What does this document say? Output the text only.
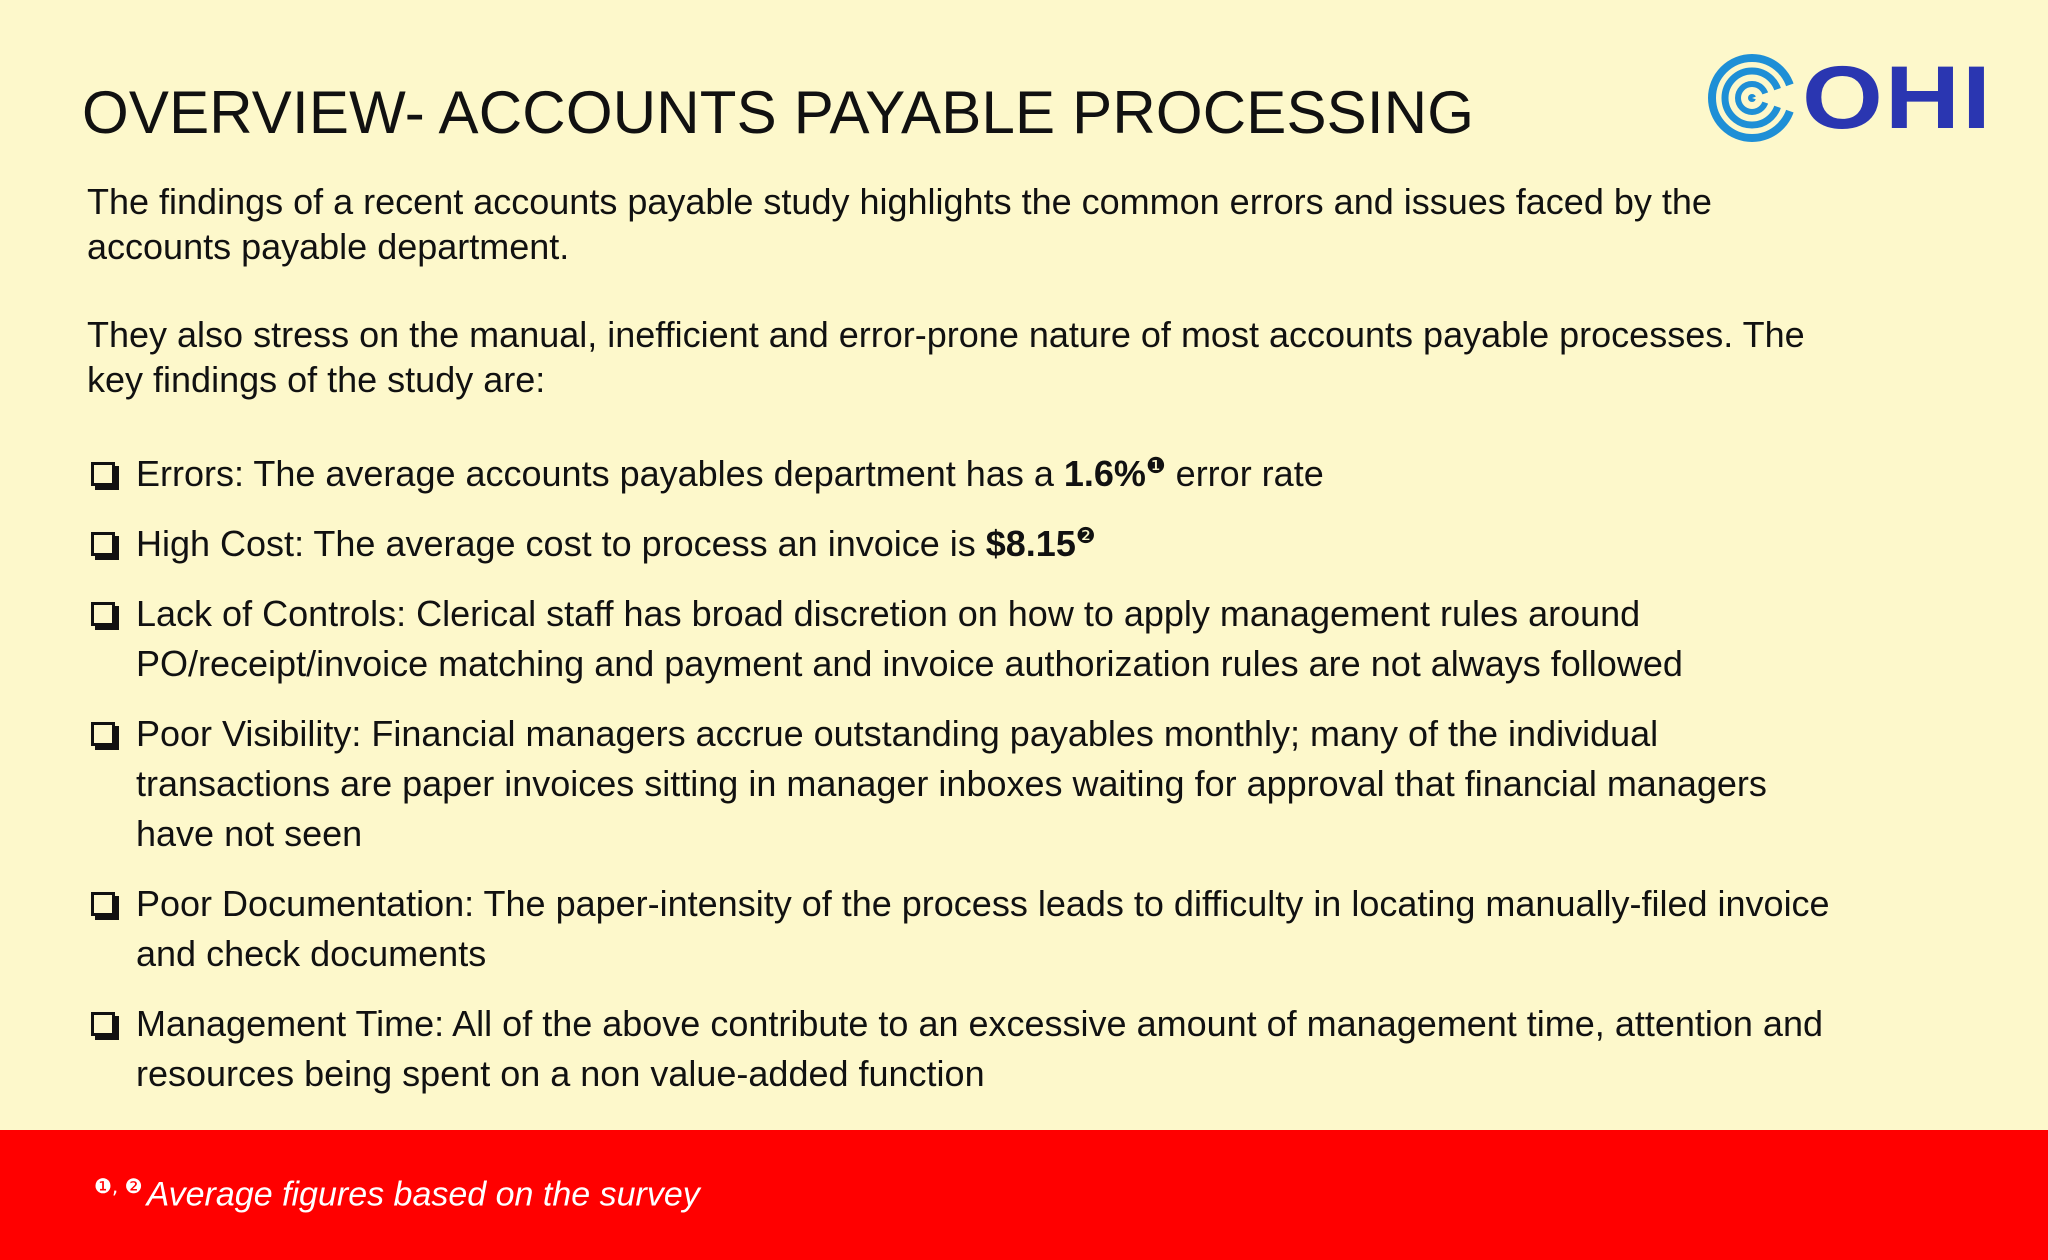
OVERVIEW- ACCOUNTS PAYABLE PROCESSING	OHI

The findings of a recent accounts payable study highlights the common errors and issues faced by the accounts payable department.

They also stress on the manual, inefficient and error-prone nature of most accounts payable processes. The key findings of the study are:

Errors: The average accounts payables department has a 1.6%$^❶$ error rate
High Cost: The average cost to process an invoice is $8.15$^❷$
Lack of Controls: Clerical staff has broad discretion on how to apply management rules around PO/receipt/invoice matching and payment and invoice authorization rules are not always followed
Poor Visibility: Financial managers accrue outstanding payables monthly; many of the individual transactions are paper invoices sitting in manager inboxes waiting for approval that financial managers have not seen
Poor Documentation: The paper-intensity of the process leads to difficulty in locating manually-filed invoice and check documents
Management Time: All of the above contribute to an excessive amount of management time, attention and resources being spent on a non value-added function
$^{❶, ❷}$ Average figures based on the survey
